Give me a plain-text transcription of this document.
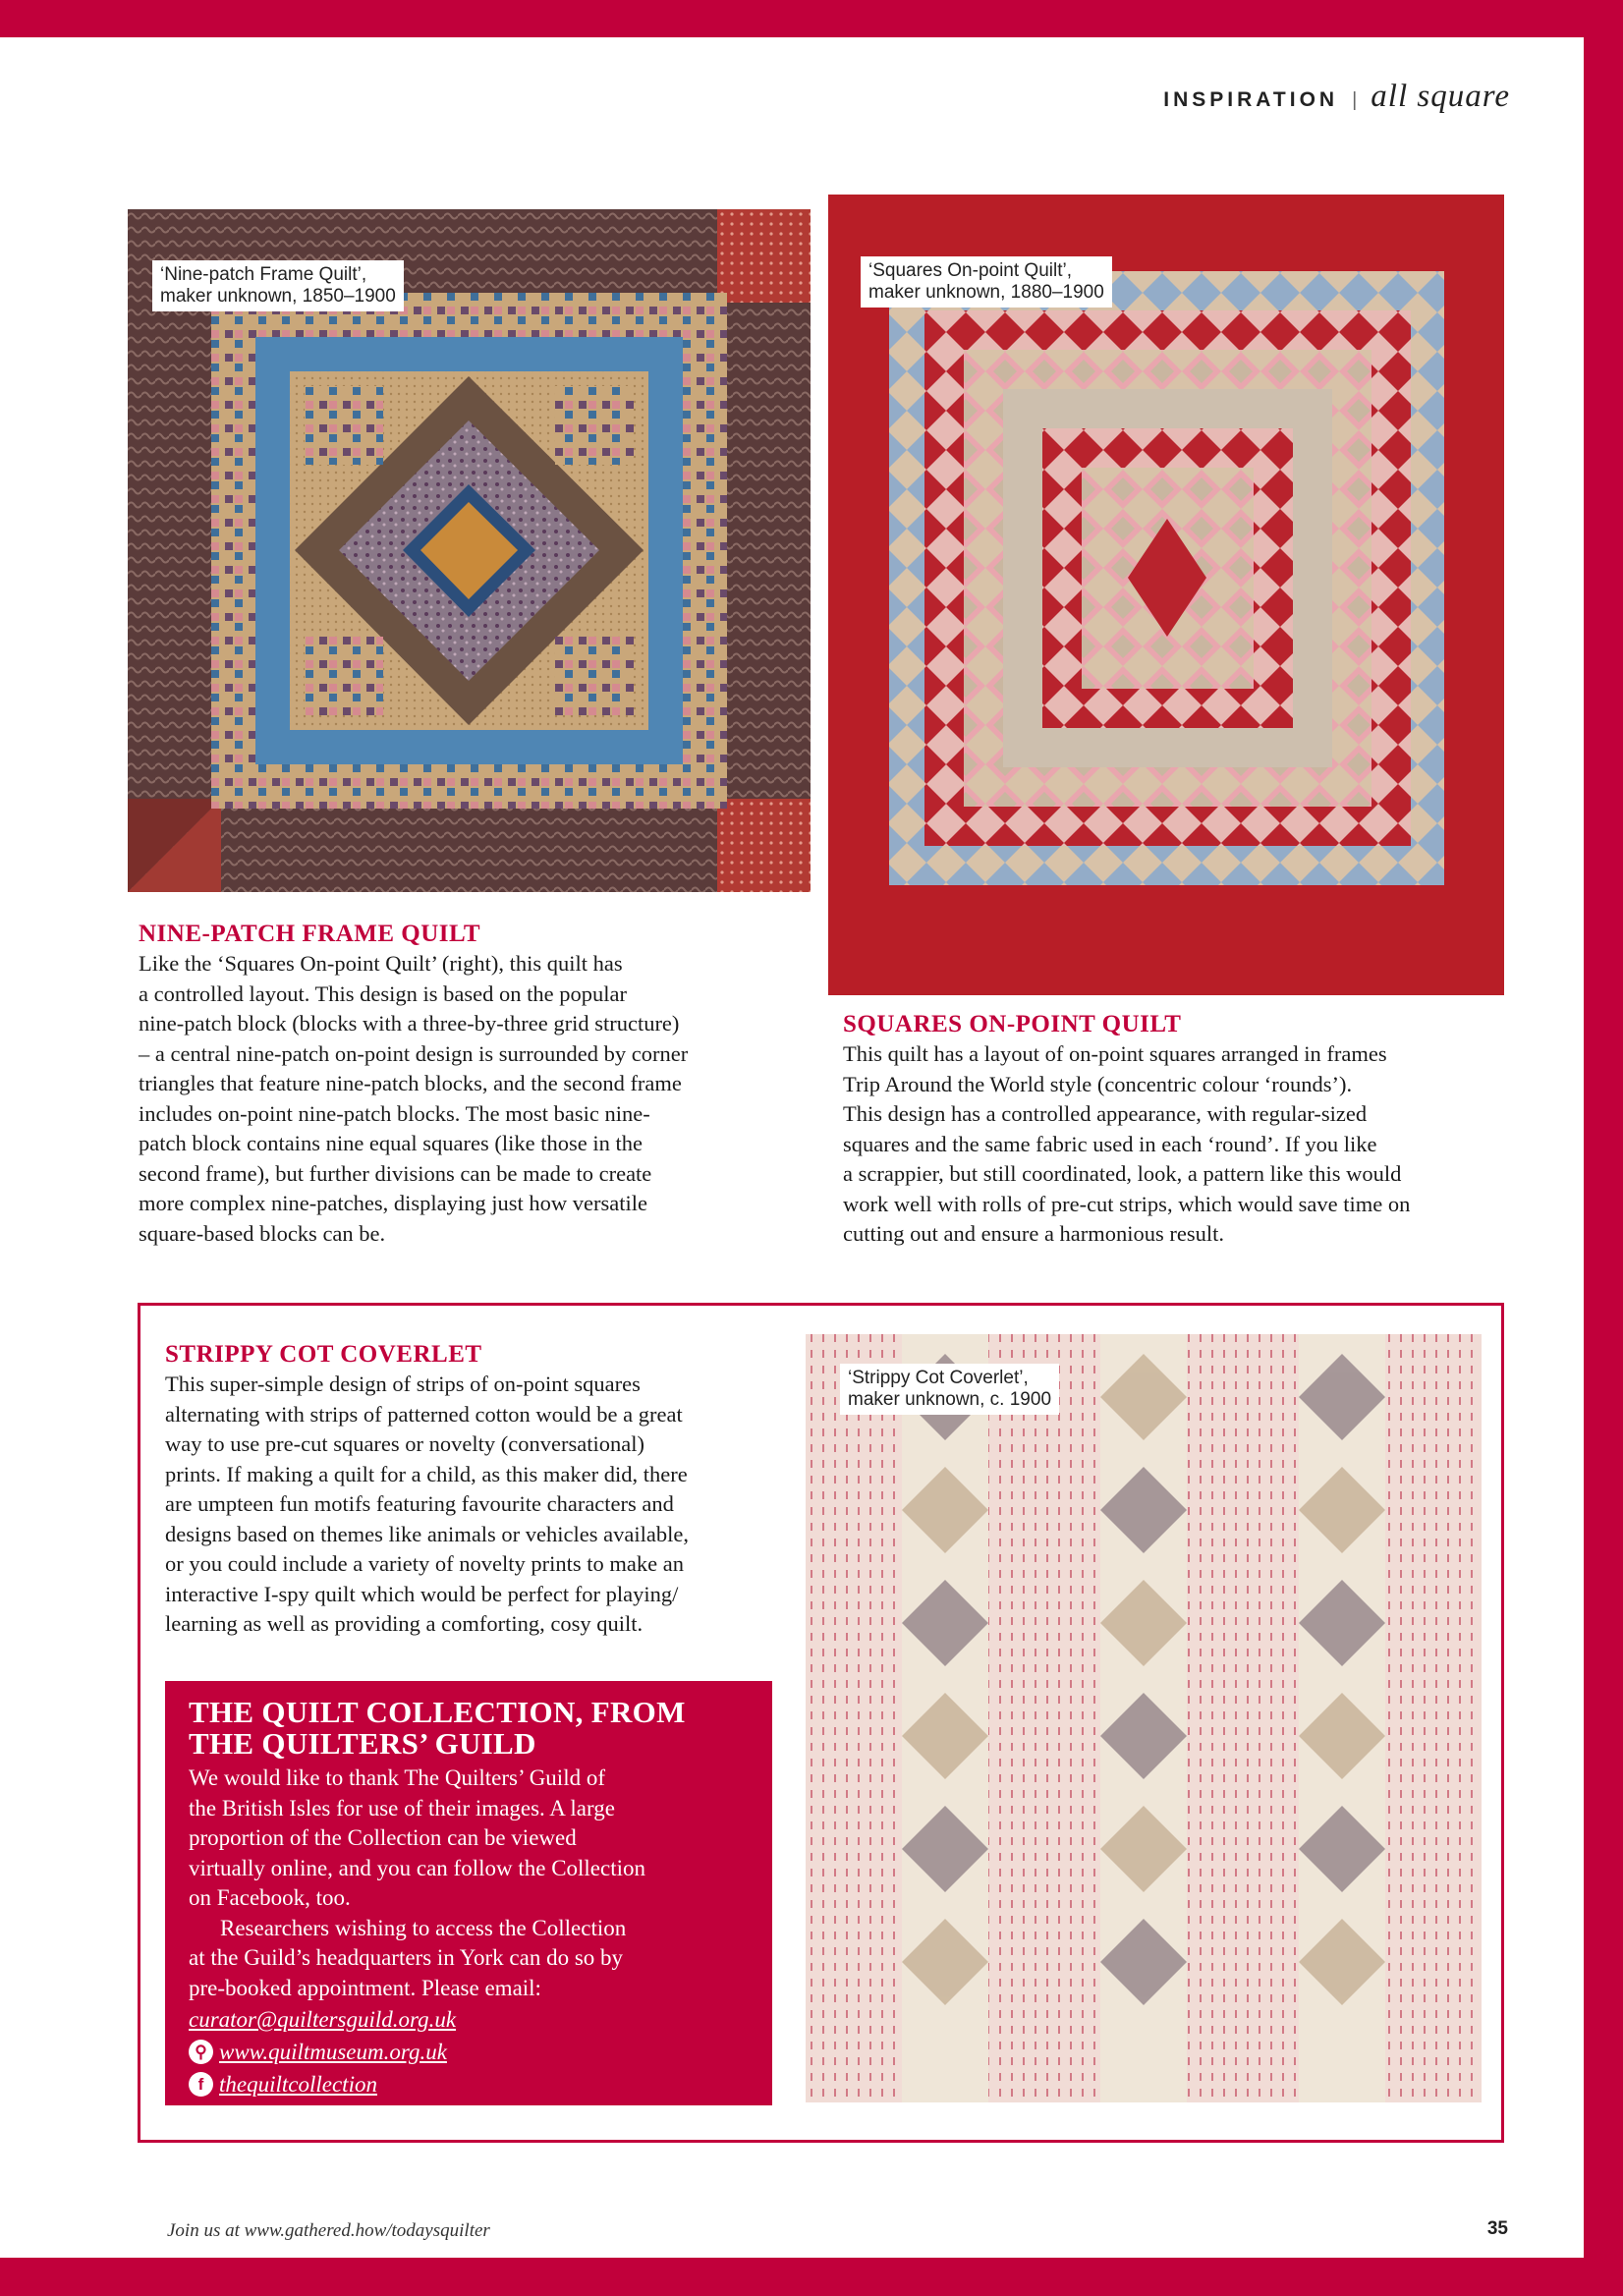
INSPIRATION | all square
‘Nine-patch Frame Quilt’,
maker unknown, 1850–1900
‘Squares On-point Quilt’,
maker unknown, 1880–1900
NINE-PATCH FRAME QUILT

Like the ‘Squares On-point Quilt’ (right), this quilt has
a controlled layout. This design is based on the popular
nine-patch block (blocks with a three-by-three grid structure)
– a central nine-patch on-point design is surrounded by corner
triangles that feature nine-patch blocks, and the second frame
includes on-point nine-patch blocks. The most basic nine-
patch block contains nine equal squares (like those in the
second frame), but further divisions can be made to create
more complex nine-patches, displaying just how versatile
square-based blocks can be.

SQUARES ON-POINT QUILT

This quilt has a layout of on-point squares arranged in frames
Trip Around the World style (concentric colour ‘rounds’).
This design has a controlled appearance, with regular-sized
squares and the same fabric used in each ‘round’. If you like
a scrappier, but still coordinated, look, a pattern like this would
work well with rolls of pre-cut strips, which would save time on
cutting out and ensure a harmonious result.

STRIPPY COT COVERLET

This super-simple design of strips of on-point squares
alternating with strips of patterned cotton would be a great
way to use pre-cut squares or novelty (conversational)
prints. If making a quilt for a child, as this maker did, there
are umpteen fun motifs featuring favourite characters and
designs based on themes like animals or vehicles available,
or you could include a variety of novelty prints to make an
interactive I-spy quilt which would be perfect for playing/
learning as well as providing a comforting, cosy quilt.

‘Strippy Cot Coverlet’,
maker unknown, c. 1900
THE QUILT COLLECTION, FROM
THE QUILTERS’ GUILD

We would like to thank The Quilters’ Guild of
the British Isles for use of their images. A large
proportion of the Collection can be viewed
virtually online, and you can follow the Collection
on Facebook, too.

Researchers wishing to access the Collection
at the Guild’s headquarters in York can do so by
pre-booked appointment. Please email:

curator@quiltersguild.org.uk
⚲ www.quiltmuseum.org.uk
f thequiltcollection
Join us at www.gathered.how/todaysquilter	35
